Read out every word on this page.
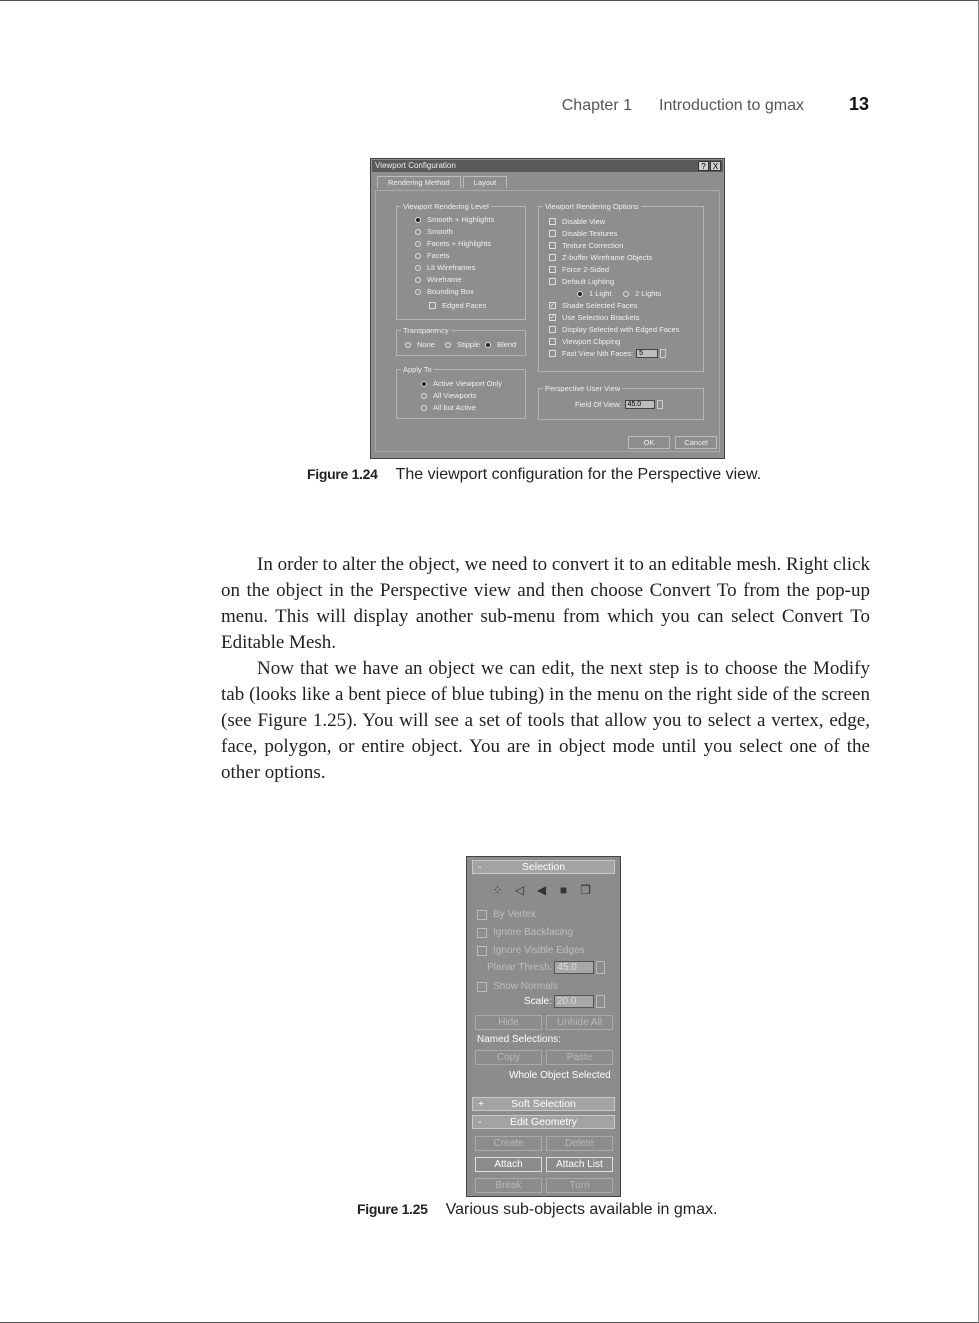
Chapter 1 Introduction to gmax	13
Viewport Configuration	? X
Rendering Method	Layout
Viewport Rendering Level
Smooth + Highlights
Smooth
Facets + Highlights
Facets
Lit Wireframes
Wireframe
Bounding Box
Edged Faces
Transparency
None	Stipple Blend
Apply To
Active Viewport Only
All Viewports
All but Active
Viewport Rendering Options
Disable View
Disable Textures
Texture Correction
Z-buffer Wireframe Objects
Force 2-Sided
Default Lighting
1 Light	2 Lights
✓ Shade Selected Faces
✓ Use Selection Brackets
Display Selected with Edged Faces
Viewport Clipping
Fast View Nth Faces: 5
Perspective User View
Field Of View: 45.0
OK	Cancel
Figure 1.24 The viewport configuration for the Perspective view.

In order to alter the object, we need to convert it to an editable mesh. Right click on the object in the Perspective view and then choose Convert To from the pop-up menu. This will display another sub-menu from which you can select Convert To Editable Mesh.

Now that we have an object we can edit, the next step is to choose the Modify tab (looks like a bent piece of blue tubing) in the menu on the right side of the screen (see Figure 1.25). You will see a set of tools that allow you to select a vertex, edge, face, polygon, or entire object. You are in object mode until you select one of the other options.

-	Selection
⁘ ◁ ◀ ■ ❒
By Vertex
Ignore Backfacing
Ignore Visible Edges
Planar Thresh: 45.0
Show Normals
Scale: 20.0
Hide	Unhide All
Named Selections:
Copy	Paste
Whole Object Selected
+	Soft Selection
-	Edit Geometry
Create	Delete
Attach	Attach List
Break	Turn
Figure 1.25 Various sub-objects available in gmax.
